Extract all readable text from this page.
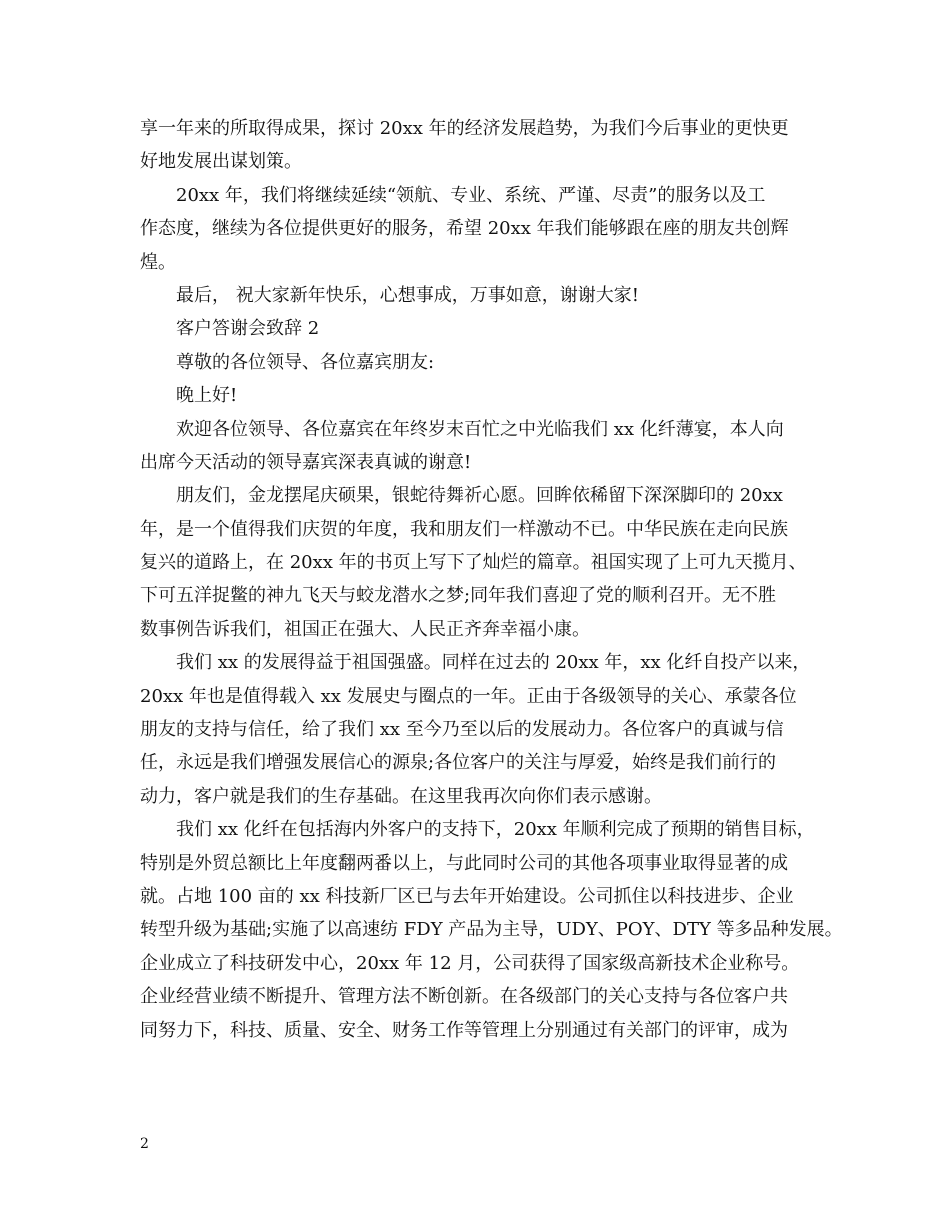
享一年来的所取得成果，探讨 20xx 年的经济发展趋势，为我们今后事业的更快更
好地发展出谋划策。
20xx 年，我们将继续延续“领航、专业、系统、严谨、尽责”的服务以及工
作态度，继续为各位提供更好的服务，希望 20xx 年我们能够跟在座的朋友共创辉
煌。
最后， 祝大家新年快乐，心想事成，万事如意，谢谢大家!
客户答谢会致辞 2
尊敬的各位领导、各位嘉宾朋友:
晚上好!
欢迎各位领导、各位嘉宾在年终岁末百忙之中光临我们 xx 化纤薄宴，本人向
出席今天活动的领导嘉宾深表真诚的谢意!
朋友们，金龙摆尾庆硕果，银蛇待舞祈心愿。回眸依稀留下深深脚印的 20xx
年，是一个值得我们庆贺的年度，我和朋友们一样激动不已。中华民族在走向民族
复兴的道路上，在 20xx 年的书页上写下了灿烂的篇章。祖国实现了上可九天揽月、
下可五洋捉鳖的神九飞天与蛟龙潜水之梦;同年我们喜迎了党的顺利召开。无不胜
数事例告诉我们，祖国正在强大、人民正齐奔幸福小康。
我们 xx 的发展得益于祖国强盛。同样在过去的 20xx 年，xx 化纤自投产以来，
20xx 年也是值得载入 xx 发展史与圈点的一年。正由于各级领导的关心、承蒙各位
朋友的支持与信任，给了我们 xx 至今乃至以后的发展动力。各位客户的真诚与信
任，永远是我们增强发展信心的源泉;各位客户的关注与厚爱，始终是我们前行的
动力，客户就是我们的生存基础。在这里我再次向你们表示感谢。
我们 xx 化纤在包括海内外客户的支持下，20xx 年顺利完成了预期的销售目标，
特别是外贸总额比上年度翻两番以上，与此同时公司的其他各项事业取得显著的成
就。占地 100 亩的 xx 科技新厂区已与去年开始建设。公司抓住以科技进步、企业
转型升级为基础;实施了以高速纺 FDY 产品为主导，UDY、POY、DTY 等多品种发展。
企业成立了科技研发中心，20xx 年 12 月，公司获得了国家级高新技术企业称号。
企业经营业绩不断提升、管理方法不断创新。在各级部门的关心支持与各位客户共
同努力下，科技、质量、安全、财务工作等管理上分别通过有关部门的评审，成为
2
